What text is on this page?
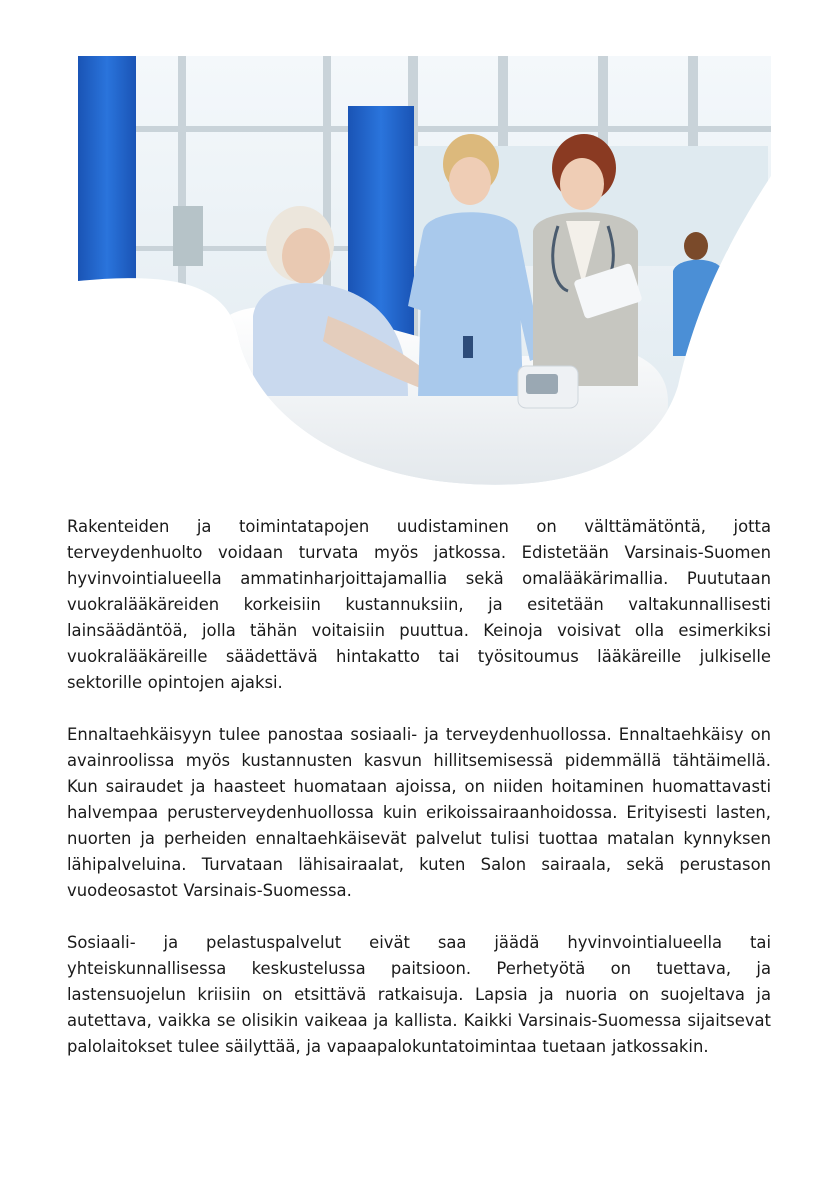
Rakenteiden ja toimintatapojen uudistaminen on välttämätöntä, jotta terveydenhuolto voidaan turvata myös jatkossa. Edistetään Varsinais-Suomen hyvinvointialueella ammatinharjoittajamallia sekä omalääkärimallia. Puututaan vuokralääkäreiden korkeisiin kustannuksiin, ja esitetään valtakunnallisesti lainsäädäntöä, jolla tähän voitaisiin puuttua. Keinoja voisivat olla esimerkiksi vuokralääkäreille säädettävä hintakatto tai työsitoumus lääkäreille julkiselle sektorille opintojen ajaksi.

Ennaltaehkäisyyn tulee panostaa sosiaali- ja terveydenhuollossa. Ennaltaehkäisy on avainroolissa myös kustannusten kasvun hillitsemisessä pidemmällä tähtäimellä. Kun sairaudet ja haasteet huomataan ajoissa, on niiden hoitaminen huomattavasti halvempaa perusterveydenhuollossa kuin erikoissairaanhoidossa. Erityisesti lasten, nuorten ja perheiden ennaltaehkäisevät palvelut tulisi tuottaa matalan kynnyksen lähipalveluina. Turvataan lähisairaalat, kuten Salon sairaala, sekä perustason vuodeosastot Varsinais-Suomessa.

Sosiaali- ja pelastuspalvelut eivät saa jäädä hyvinvointialueella tai yhteiskunnallisessa keskustelussa paitsioon. Perhetyötä on tuettava, ja lastensuojelun kriisiin on etsittävä ratkaisuja. Lapsia ja nuoria on suojeltava ja autettava, vaikka se olisikin vaikeaa ja kallista. Kaikki Varsinais-Suomessa sijaitsevat palolaitokset tulee säilyttää, ja vapaapalokuntatoimintaa tuetaan jatkossakin.
